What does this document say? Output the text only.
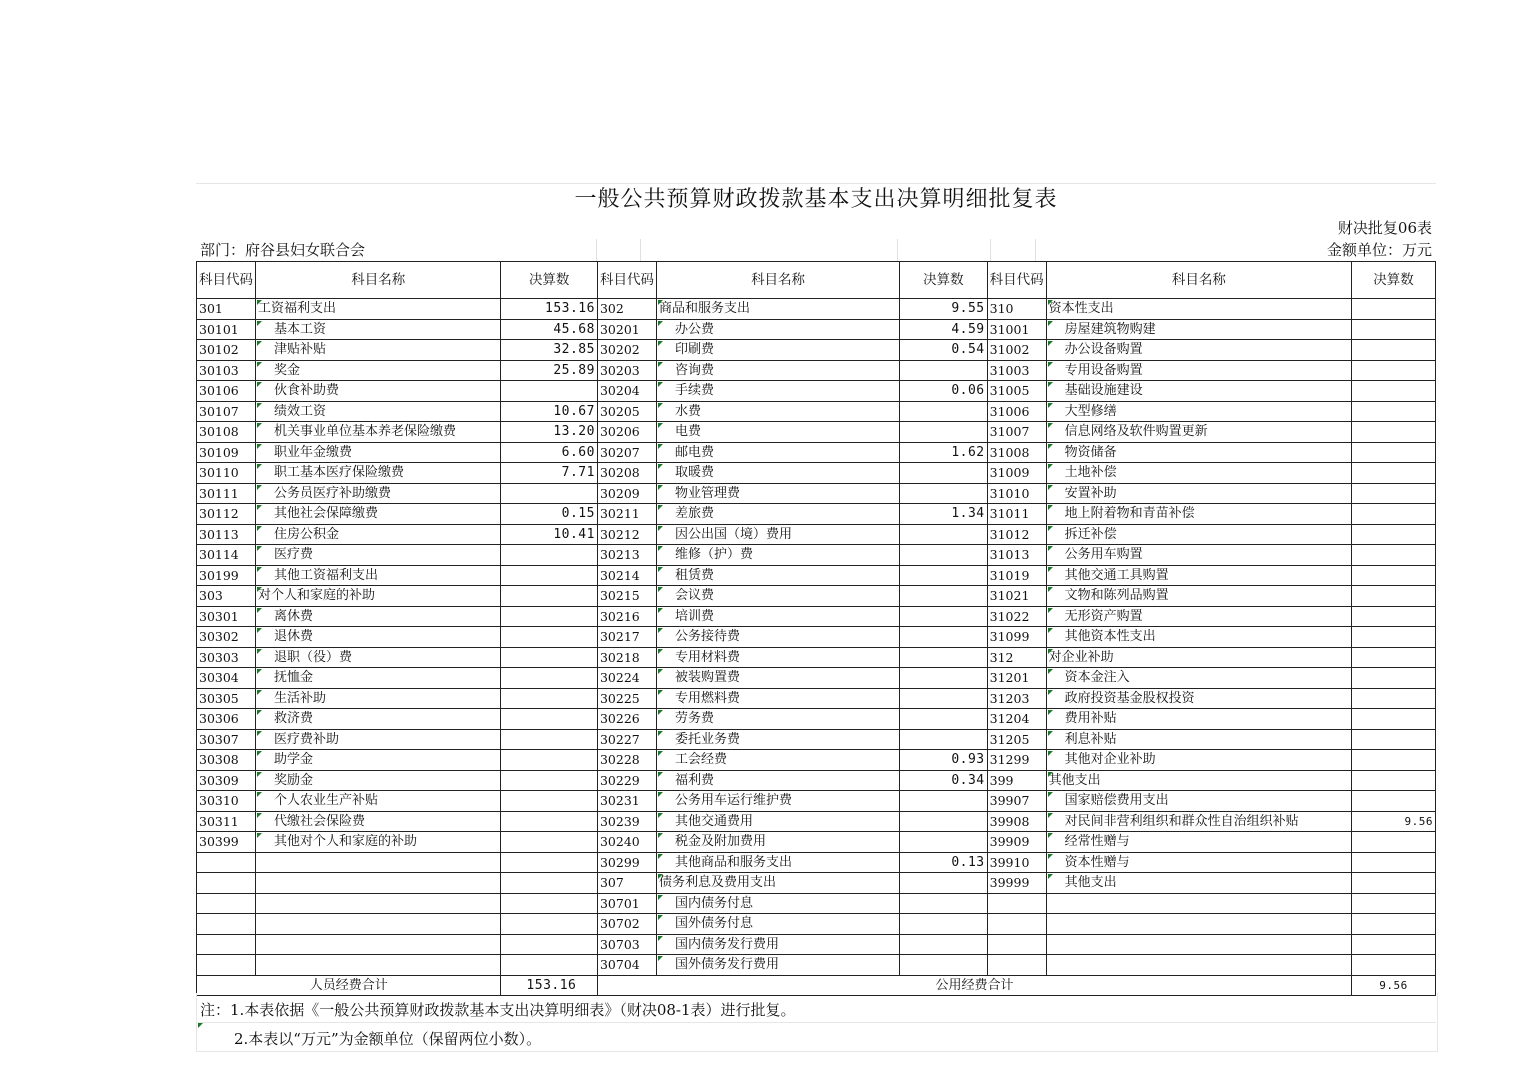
一般公共预算财政拨款基本支出决算明细批复表
财决批复06表
部门：府谷县妇女联合会	金额单位：万元
科目代码	科目名称	决算数	科目代码	科目名称	决算数	科目代码	科目名称	决算数
301	工资福利支出	153.16	302	商品和服务支出	9.55	310	资本性支出	
30101	基本工资	45.68	30201	办公费	4.59	31001	房屋建筑物购建	
30102	津贴补贴	32.85	30202	印刷费	0.54	31002	办公设备购置	
30103	奖金	25.89	30203	咨询费		31003	专用设备购置	
30106	伙食补助费		30204	手续费	0.06	31005	基础设施建设	
30107	绩效工资	10.67	30205	水费		31006	大型修缮	
30108	机关事业单位基本养老保险缴费	13.20	30206	电费		31007	信息网络及软件购置更新	
30109	职业年金缴费	6.60	30207	邮电费	1.62	31008	物资储备	
30110	职工基本医疗保险缴费	7.71	30208	取暖费		31009	土地补偿	
30111	公务员医疗补助缴费		30209	物业管理费		31010	安置补助	
30112	其他社会保障缴费	0.15	30211	差旅费	1.34	31011	地上附着物和青苗补偿	
30113	住房公积金	10.41	30212	因公出国（境）费用		31012	拆迁补偿	
30114	医疗费		30213	维修（护）费		31013	公务用车购置	
30199	其他工资福利支出		30214	租赁费		31019	其他交通工具购置	
303	对个人和家庭的补助		30215	会议费		31021	文物和陈列品购置	
30301	离休费		30216	培训费		31022	无形资产购置	
30302	退休费		30217	公务接待费		31099	其他资本性支出	
30303	退职（役）费		30218	专用材料费		312	对企业补助	
30304	抚恤金		30224	被装购置费		31201	资本金注入	
30305	生活补助		30225	专用燃料费		31203	政府投资基金股权投资	
30306	救济费		30226	劳务费		31204	费用补贴	
30307	医疗费补助		30227	委托业务费		31205	利息补贴	
30308	助学金		30228	工会经费	0.93	31299	其他对企业补助	
30309	奖励金		30229	福利费	0.34	399	其他支出	
30310	个人农业生产补贴		30231	公务用车运行维护费		39907	国家赔偿费用支出	
30311	代缴社会保险费		30239	其他交通费用		39908	对民间非营利组织和群众性自治组织补贴	9.56
30399	其他对个人和家庭的补助		30240	税金及附加费用		39909	经常性赠与	
			30299	其他商品和服务支出	0.13	39910	资本性赠与	
			307	债务利息及费用支出		39999	其他支出	
			30701	国内债务付息				
			30702	国外债务付息				
			30703	国内债务发行费用				
			30704	国外债务发行费用				
人员经费合计		153.16	公用经费合计					9.56
注：1.本表依据《一般公共预算财政拨款基本支出决算明细表》（财决08-1表）进行批复。
2.本表以“万元”为金额单位（保留两位小数）。
